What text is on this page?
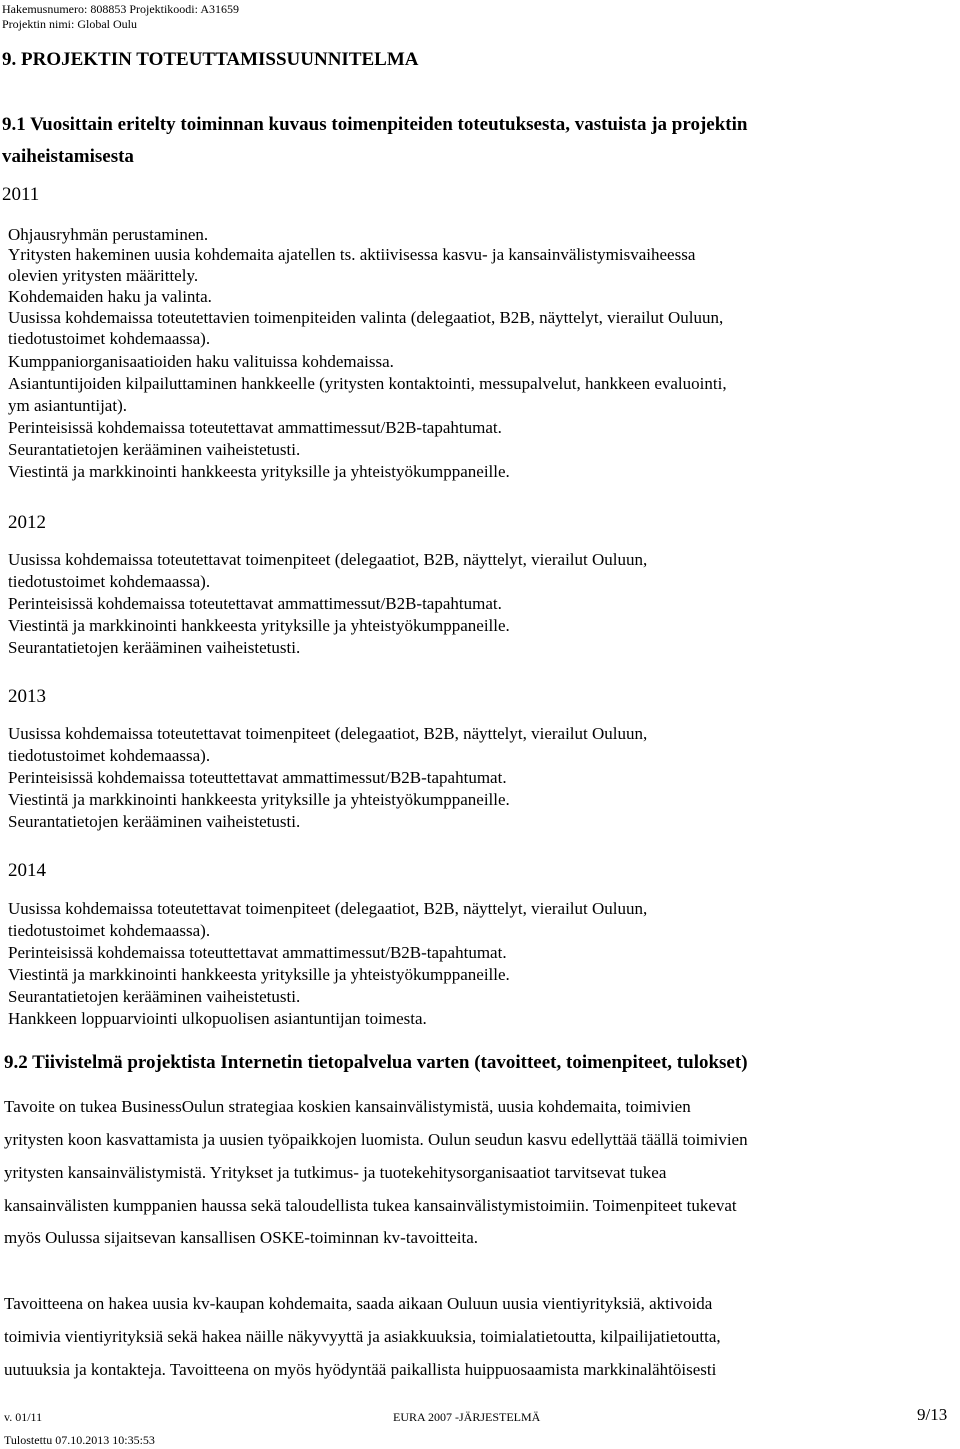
Hakemusnumero: 808853 Projektikoodi: A31659
Projektin nimi: Global Oulu
9. PROJEKTIN TOTEUTTAMISSUUNNITELMA
9.1 Vuosittain eritelty toiminnan kuvaus toimenpiteiden toteutuksesta, vastuista ja projektin
vaiheistamisesta
2011
Ohjausryhmän perustaminen.
Yritysten hakeminen uusia kohdemaita ajatellen ts. aktiivisessa kasvu- ja kansainvälistymisvaiheessa
olevien yritysten määrittely.
Kohdemaiden haku ja valinta.
Uusissa kohdemaissa toteutettavien toimenpiteiden valinta (delegaatiot, B2B, näyttelyt, vierailut Ouluun,
tiedotustoimet kohdemaassa).
Kumppaniorganisaatioiden haku valituissa kohdemaissa.
Asiantuntijoiden kilpailuttaminen hankkeelle (yritysten kontaktointi, messupalvelut, hankkeen evaluointi,
ym asiantuntijat).
Perinteisissä kohdemaissa toteutettavat ammattimessut/B2B-tapahtumat.
Seurantatietojen kerääminen vaiheistetusti.
Viestintä ja markkinointi hankkeesta yrityksille ja yhteistyökumppaneille.
2012
Uusissa kohdemaissa toteutettavat toimenpiteet (delegaatiot, B2B, näyttelyt, vierailut Ouluun,
tiedotustoimet kohdemaassa).
Perinteisissä kohdemaissa toteutettavat ammattimessut/B2B-tapahtumat.
Viestintä ja markkinointi hankkeesta yrityksille ja yhteistyökumppaneille.
Seurantatietojen kerääminen vaiheistetusti.
2013
Uusissa kohdemaissa toteutettavat toimenpiteet (delegaatiot, B2B, näyttelyt, vierailut Ouluun,
tiedotustoimet kohdemaassa).
Perinteisissä kohdemaissa toteuttettavat ammattimessut/B2B-tapahtumat.
Viestintä ja markkinointi hankkeesta yrityksille ja yhteistyökumppaneille.
Seurantatietojen kerääminen vaiheistetusti.
2014
Uusissa kohdemaissa toteutettavat toimenpiteet (delegaatiot, B2B, näyttelyt, vierailut Ouluun,
tiedotustoimet kohdemaassa).
Perinteisissä kohdemaissa toteuttettavat ammattimessut/B2B-tapahtumat.
Viestintä ja markkinointi hankkeesta yrityksille ja yhteistyökumppaneille.
Seurantatietojen kerääminen vaiheistetusti.
Hankkeen loppuarviointi ulkopuolisen asiantuntijan toimesta.
9.2 Tiivistelmä projektista Internetin tietopalvelua varten (tavoitteet, toimenpiteet, tulokset)
Tavoite on tukea BusinessOulun strategiaa koskien kansainvälistymistä, uusia kohdemaita, toimivien
yritysten koon kasvattamista ja uusien työpaikkojen luomista. Oulun seudun kasvu edellyttää täällä toimivien
yritysten kansainvälistymistä. Yritykset ja tutkimus- ja tuotekehitysorganisaatiot tarvitsevat tukea
kansainvälisten kumppanien haussa sekä taloudellista tukea kansainvälistymistoimiin. Toimenpiteet tukevat
myös Oulussa sijaitsevan kansallisen OSKE-toiminnan kv-tavoitteita.
Tavoitteena on hakea uusia kv-kaupan kohdemaita, saada aikaan Ouluun uusia vientiyrityksiä, aktivoida
toimivia vientiyrityksiä sekä hakea näille näkyvyyttä ja asiakkuuksia, toimialatietoutta, kilpailijatietoutta,
uutuuksia ja kontakteja. Tavoitteena on myös hyödyntää paikallista huippuosaamista markkinalähtöisesti
v. 01/11	EURA 2007 -JÄRJESTELMÄ	9/13
Tulostettu 07.10.2013 10:35:53
